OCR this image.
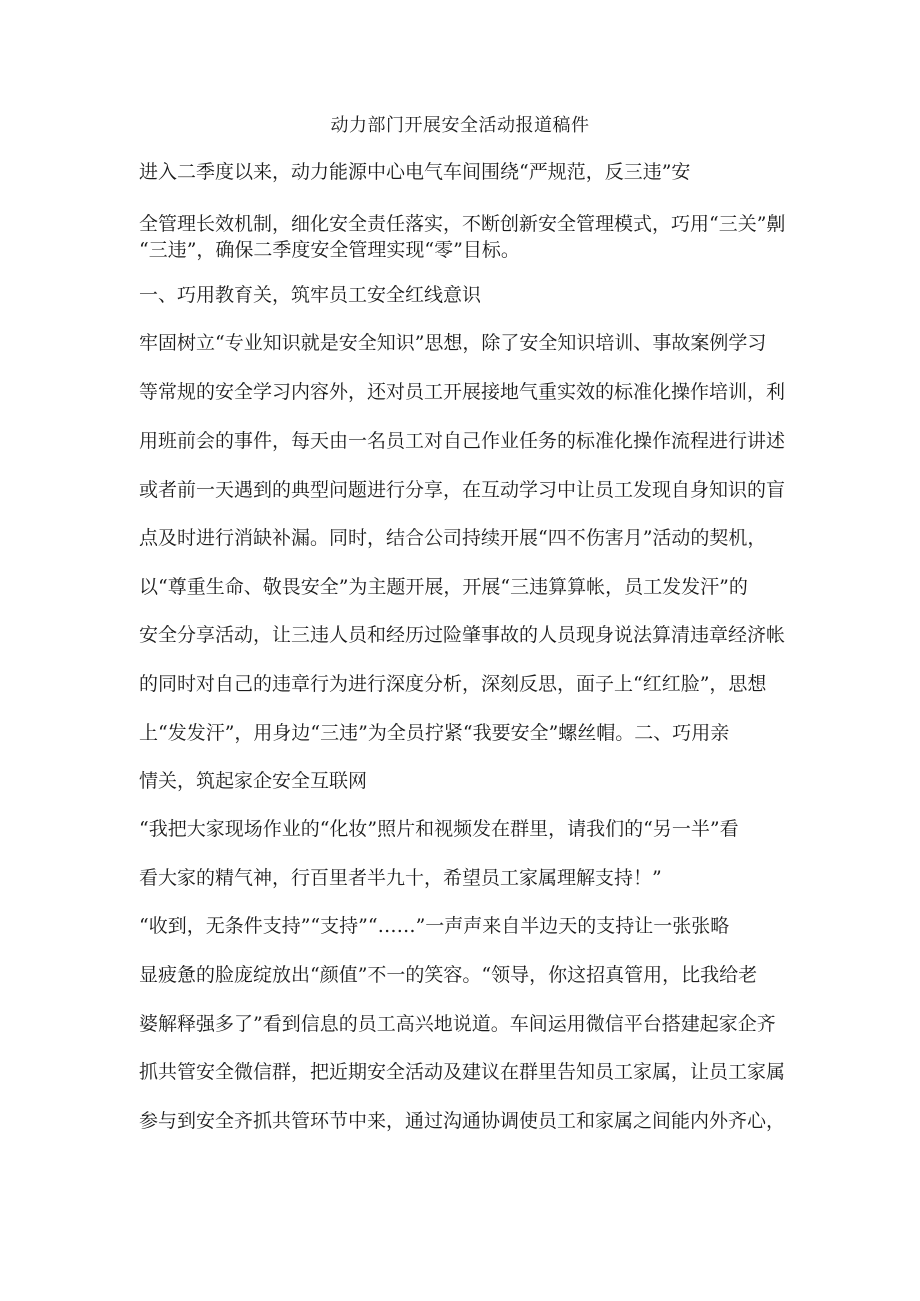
动力部门开展安全活动报道稿件
进入二季度以来，动力能源中心电气车间围绕“严规范，反三违”安
全管理长效机制，细化安全责任落实，不断创新安全管理模式，巧用“三关”劓
“三违”，确保二季度安全管理实现“零”目标。
一、巧用教育关，筑牢员工安全红线意识
牢固树立“专业知识就是安全知识”思想，除了安全知识培训、事故案例学习
等常规的安全学习内容外，还对员工开展接地气重实效的标准化操作培训，利
用班前会的事件，每天由一名员工对自己作业任务的标准化操作流程进行讲述
或者前一天遇到的典型问题进行分享，在互动学习中让员工发现自身知识的盲
点及时进行消缺补漏。同时，结合公司持续开展“四不伤害月”活动的契机，
以“尊重生命、敬畏安全”为主题开展，开展“三违算算帐，员工发发汗”的
安全分享活动，让三违人员和经历过险肇事故的人员现身说法算清违章经济帐
的同时对自己的违章行为进行深度分析，深刻反思，面子上“红红脸”，思想
上“发发汗”，用身边“三违”为全员拧紧“我要安全”螺丝帽。二、巧用亲
情关，筑起家企安全互联网
“我把大家现场作业的“化妆”照片和视频发在群里，请我们的“另一半”看
看大家的精气神，行百里者半九十，希望员工家属理解支持！”
“收到，无条件支持”“支持”“……”一声声来自半边天的支持让一张张略
显疲惫的脸庞绽放出“颜值”不一的笑容。“领导，你这招真管用，比我给老
婆解释强多了”看到信息的员工高兴地说道。车间运用微信平台搭建起家企齐
抓共管安全微信群，把近期安全活动及建议在群里告知员工家属，让员工家属
参与到安全齐抓共管环节中来，通过沟通协调使员工和家属之间能内外齐心，
